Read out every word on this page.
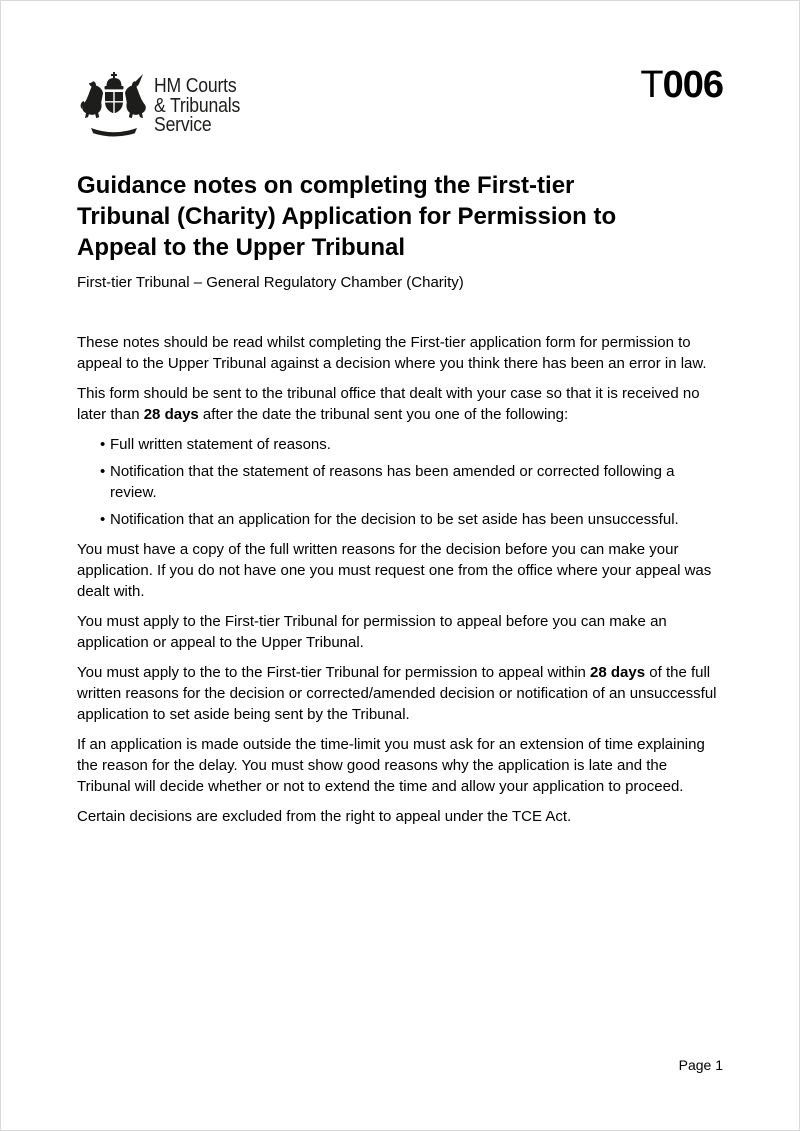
HM Courts
& Tribunals
Service
T006
Guidance notes on completing the First-tier
Tribunal (Charity) Application for Permission to
Appeal to the Upper Tribunal
First-tier Tribunal – General Regulatory Chamber (Charity)

These notes should be read whilst completing the First-tier application form for permission to appeal to the Upper Tribunal against a decision where you think there has been an error in law.

This form should be sent to the tribunal office that dealt with your case so that it is received no later than 28 days after the date the tribunal sent you one of the following:

• Full written statement of reasons.
• Notification that the statement of reasons has been amended or corrected following a review.
• Notification that an application for the decision to be set aside has been unsuccessful.

You must have a copy of the full written reasons for the decision before you can make your application. If you do not have one you must request one from the office where your appeal was dealt with.

You must apply to the First-tier Tribunal for permission to appeal before you can make an application or appeal to the Upper Tribunal.

You must apply to the to the First-tier Tribunal for permission to appeal within 28 days of the full written reasons for the decision or corrected/amended decision or notification of an unsuccessful application to set aside being sent by the Tribunal.

If an application is made outside the time-limit you must ask for an extension of time explaining the reason for the delay. You must show good reasons why the application is late and the Tribunal will decide whether or not to extend the time and allow your application to proceed.

Certain decisions are excluded from the right to appeal under the TCE Act.

Page 1
